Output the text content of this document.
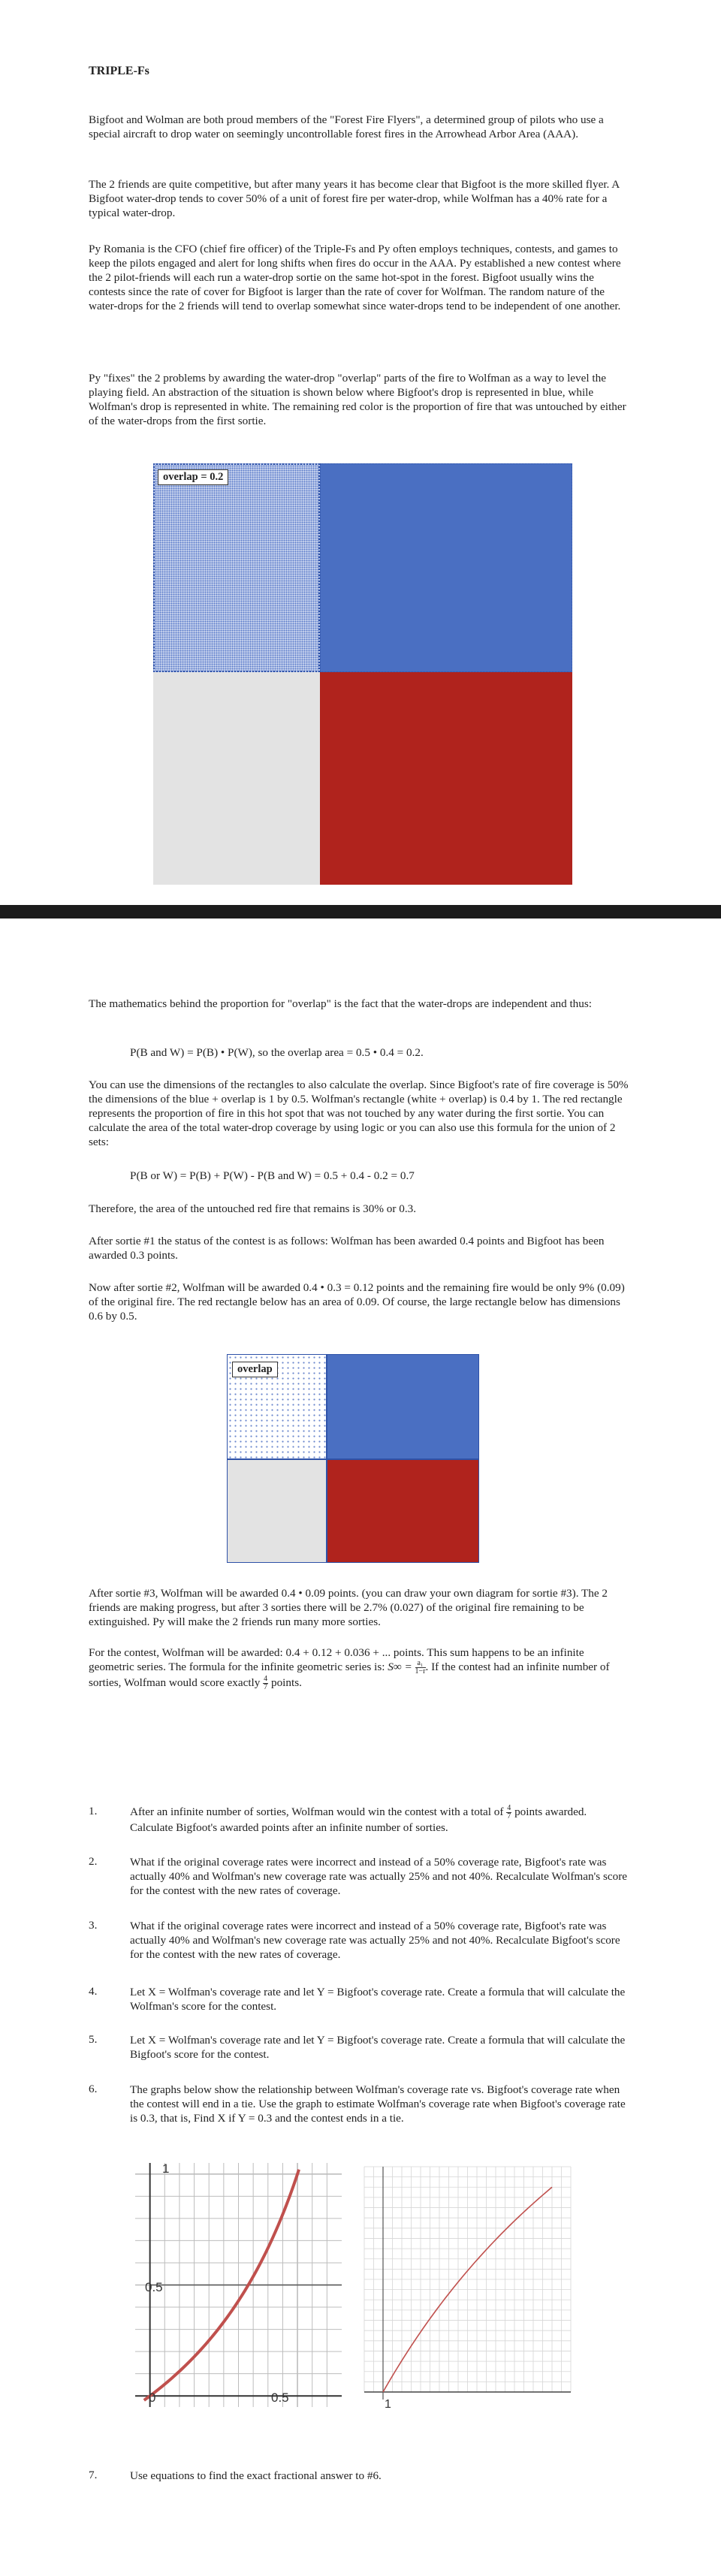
TRIPLE-Fs
Bigfoot and Wolman are both proud members of the "Forest Fire Flyers", a determined group of pilots who use a special aircraft to drop water on seemingly uncontrollable forest fires in the Arrowhead Arbor Area (AAA).
The 2 friends are quite competitive, but after many years it has become clear that Bigfoot is the more skilled flyer. A Bigfoot water-drop tends to cover 50% of a unit of forest fire per water-drop, while Wolfman has a 40% rate for a typical water-drop.
Py Romania is the CFO (chief fire officer) of the Triple-Fs and Py often employs techniques, contests, and games to keep the pilots engaged and alert for long shifts when fires do occur in the AAA. Py established a new contest where the 2 pilot-friends will each run a water-drop sortie on the same hot-spot in the forest. Bigfoot usually wins the contests since the rate of cover for Bigfoot is larger than the rate of cover for Wolfman. The random nature of the water-drops for the 2 friends will tend to overlap somewhat since water-drops tend to be independent of one another.
Py "fixes" the 2 problems by awarding the water-drop "overlap" parts of the fire to Wolfman as a way to level the playing field. An abstraction of the situation is shown below where Bigfoot's drop is represented in blue, while Wolfman's drop is represented in white. The remaining red color is the proportion of fire that was untouched by either of the water-drops from the first sortie.
overlap = 0.2
The mathematics behind the proportion for "overlap" is the fact that the water-drops are independent and thus:
P(B and W) = P(B) • P(W), so the overlap area = 0.5 • 0.4 = 0.2.
You can use the dimensions of the rectangles to also calculate the overlap. Since Bigfoot's rate of fire coverage is 50% the dimensions of the blue + overlap is 1 by 0.5. Wolfman's rectangle (white + overlap) is 0.4 by 1. The red rectangle represents the proportion of fire in this hot spot that was not touched by any water during the first sortie. You can calculate the area of the total water-drop coverage by using logic or you can also use this formula for the union of 2 sets:
P(B or W) = P(B) + P(W) - P(B and W) = 0.5 + 0.4 - 0.2 = 0.7
Therefore, the area of the untouched red fire that remains is 30% or 0.3.
After sortie #1 the status of the contest is as follows: Wolfman has been awarded 0.4 points and Bigfoot has been awarded 0.3 points.
Now after sortie #2, Wolfman will be awarded 0.4 • 0.3 = 0.12 points and the remaining fire would be only 9% (0.09) of the original fire. The red rectangle below has an area of 0.09. Of course, the large rectangle below has dimensions 0.6 by 0.5.
overlap
After sortie #3, Wolfman will be awarded 0.4 • 0.09 points. (you can draw your own diagram for sortie #3). The 2 friends are making progress, but after 3 sorties there will be 2.7% (0.027) of the original fire remaining to be extinguished. Py will make the 2 friends run many more sorties.
For the contest, Wolfman will be awarded: 0.4 + 0.12 + 0.036 + ... points. This sum happens to be an infinite geometric series. The formula for the infinite geometric series is: $S\infty = \frac{\text{a₁}}{1-r}$ . If the contest had an infinite number of sorties, Wolfman would score exactly $\frac{4}{7}$ points.
1.	After an infinite number of sorties, Wolfman would win the contest with a total of $\frac{4}{7}$ points awarded. Calculate Bigfoot's awarded points after an infinite number of sorties.
2.	What if the original coverage rates were incorrect and instead of a 50% coverage rate, Bigfoot's rate was actually 40% and Wolfman's new coverage rate was actually 25% and not 40%. Recalculate Wolfman's score for the contest with the new rates of coverage.
3.	What if the original coverage rates were incorrect and instead of a 50% coverage rate, Bigfoot's rate was actually 40% and Wolfman's new coverage rate was actually 25% and not 40%. Recalculate Bigfoot's score for the contest with the new rates of coverage.
4.	Let X = Wolfman's coverage rate and let Y = Bigfoot's coverage rate. Create a formula that will calculate the Wolfman's score for the contest.
5.	Let X = Wolfman's coverage rate and let Y = Bigfoot's coverage rate. Create a formula that will calculate the Bigfoot's score for the contest.
6.	The graphs below show the relationship between Wolfman's coverage rate vs. Bigfoot's coverage rate when the contest will end in a tie. Use the graph to estimate Wolfman's coverage rate when Bigfoot's coverage rate is 0.3, that is, Find X if Y = 0.3 and the contest ends in a tie.
7.	Use equations to find the exact fractional answer to #6.
1
0.5
0	0.5	1
